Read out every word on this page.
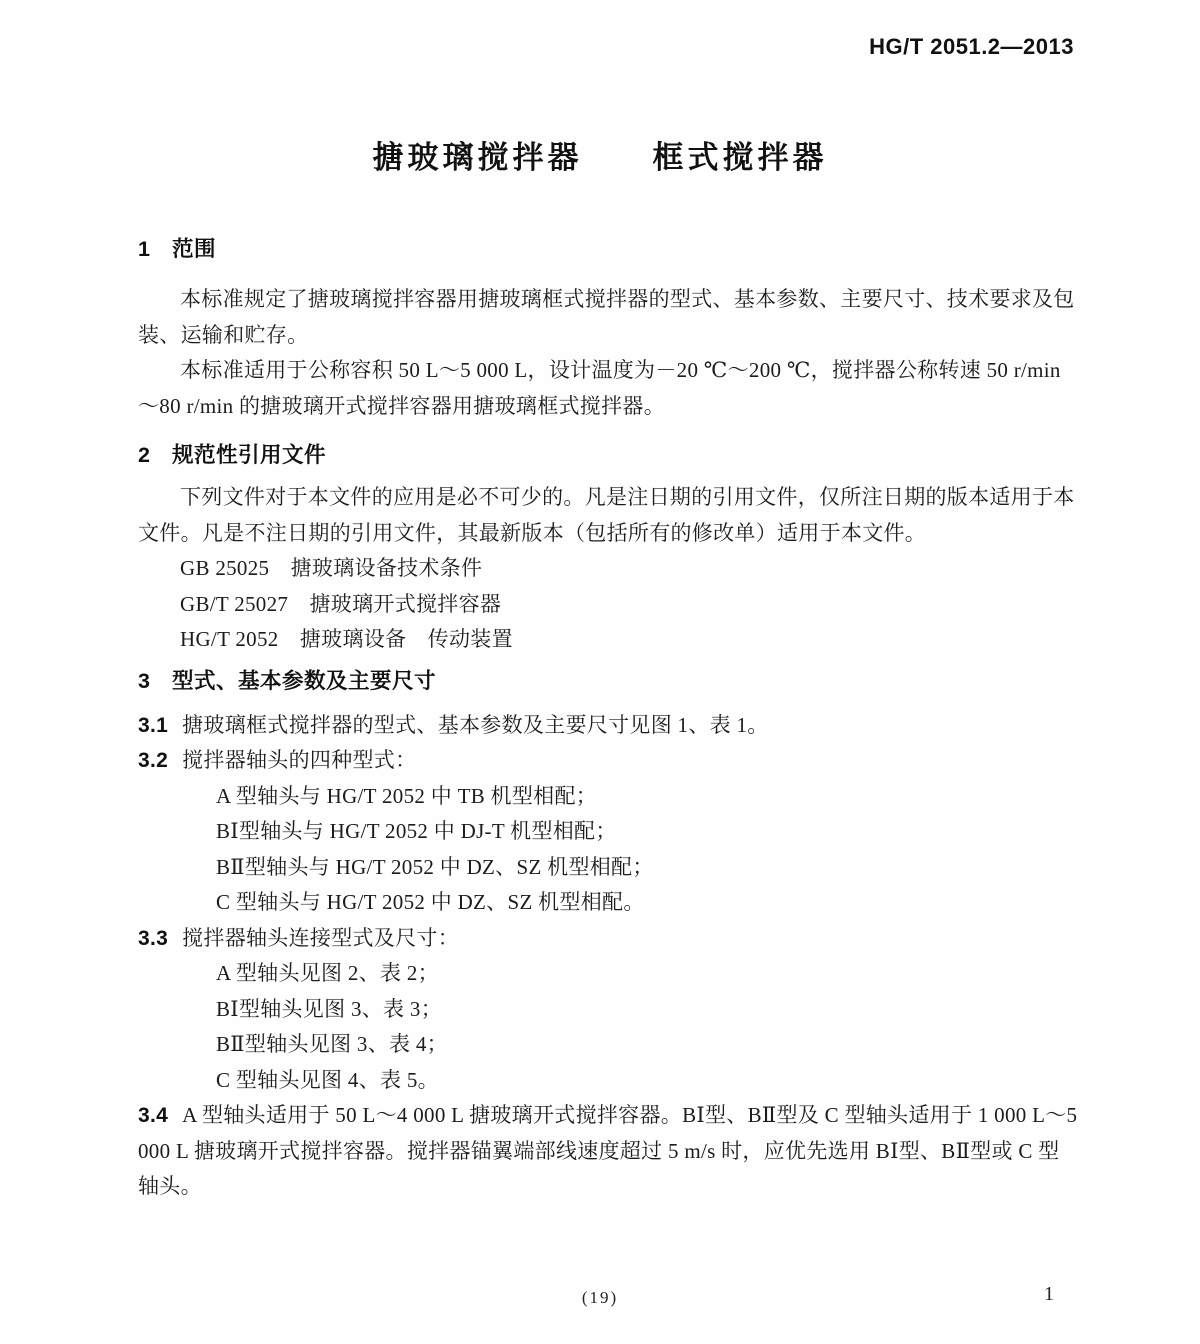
HG/T 2051.2—2013
搪玻璃搅拌器　　框式搅拌器
1 范围

本标准规定了搪玻璃搅拌容器用搪玻璃框式搅拌器的型式、基本参数、主要尺寸、技术要求及包装、运输和贮存。

本标准适用于公称容积 50 L～5 000 L，设计温度为－20 ℃～200 ℃，搅拌器公称转速 50 r/min～80 r/min 的搪玻璃开式搅拌容器用搪玻璃框式搅拌器。

2 规范性引用文件

下列文件对于本文件的应用是必不可少的。凡是注日期的引用文件，仅所注日期的版本适用于本文件。凡是不注日期的引用文件，其最新版本（包括所有的修改单）适用于本文件。

GB 25025　搪玻璃设备技术条件
GB/T 25027　搪玻璃开式搅拌容器
HG/T 2052　搪玻璃设备　传动装置
3 型式、基本参数及主要尺寸

3.1 搪玻璃框式搅拌器的型式、基本参数及主要尺寸见图 1、表 1。

3.2 搅拌器轴头的四种型式：

A 型轴头与 HG/T 2052 中 TB 机型相配；
BⅠ型轴头与 HG/T 2052 中 DJ-T 机型相配；
BⅡ型轴头与 HG/T 2052 中 DZ、SZ 机型相配；
C 型轴头与 HG/T 2052 中 DZ、SZ 机型相配。

3.3 搅拌器轴头连接型式及尺寸：

A 型轴头见图 2、表 2；
BⅠ型轴头见图 3、表 3；
BⅡ型轴头见图 3、表 4；
C 型轴头见图 4、表 5。

3.4 A 型轴头适用于 50 L～4 000 L 搪玻璃开式搅拌容器。BⅠ型、BⅡ型及 C 型轴头适用于 1 000 L～5 000 L 搪玻璃开式搅拌容器。搅拌器锚翼端部线速度超过 5 m/s 时，应优先选用 BⅠ型、BⅡ型或 C 型轴头。

(19)	1
